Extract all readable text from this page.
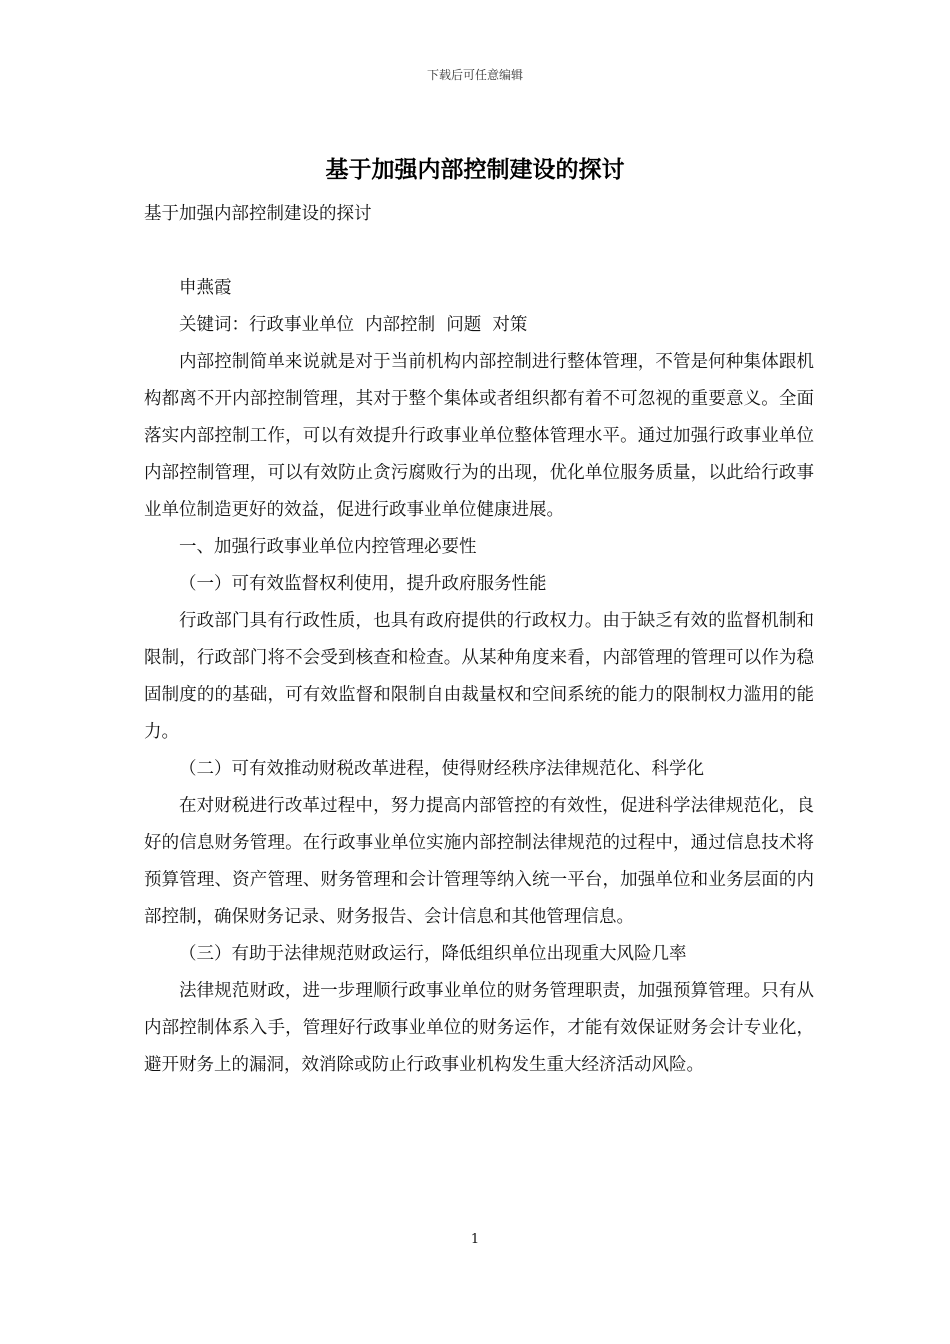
下载后可任意编辑
基于加强内部控制建设的探讨

基于加强内部控制建设的探讨

申燕霞

关键词：行政事业单位  内部控制  问题  对策

内部控制简单来说就是对于当前机构内部控制进行整体管理，不管是何种集体跟机构都离不开内部控制管理，其对于整个集体或者组织都有着不可忽视的重要意义。全面落实内部控制工作，可以有效提升行政事业单位整体管理水平。通过加强行政事业单位内部控制管理，可以有效防止贪污腐败行为的出现，优化单位服务质量，以此给行政事业单位制造更好的效益，促进行政事业单位健康进展。

一、加强行政事业单位内控管理必要性

（一）可有效监督权利使用，提升政府服务性能

行政部门具有行政性质，也具有政府提供的行政权力。由于缺乏有效的监督机制和限制，行政部门将不会受到核查和检查。从某种角度来看，内部管理的管理可以作为稳固制度的的基础，可有效监督和限制自由裁量权和空间系统的能力的限制权力滥用的能力。

（二）可有效推动财税改革进程，使得财经秩序法律规范化、科学化

在对财税进行改革过程中，努力提高内部管控的有效性，促进科学法律规范化，良好的信息财务管理。在行政事业单位实施内部控制法律规范的过程中，通过信息技术将预算管理、资产管理、财务管理和会计管理等纳入统一平台，加强单位和业务层面的内部控制，确保财务记录、财务报告、会计信息和其他管理信息。

（三）有助于法律规范财政运行，降低组织单位出现重大风险几率

法律规范财政，进一步理顺行政事业单位的财务管理职责，加强预算管理。只有从内部控制体系入手，管理好行政事业单位的财务运作，才能有效保证财务会计专业化，避开财务上的漏洞，效消除或防止行政事业机构发生重大经济活动风险。

1
